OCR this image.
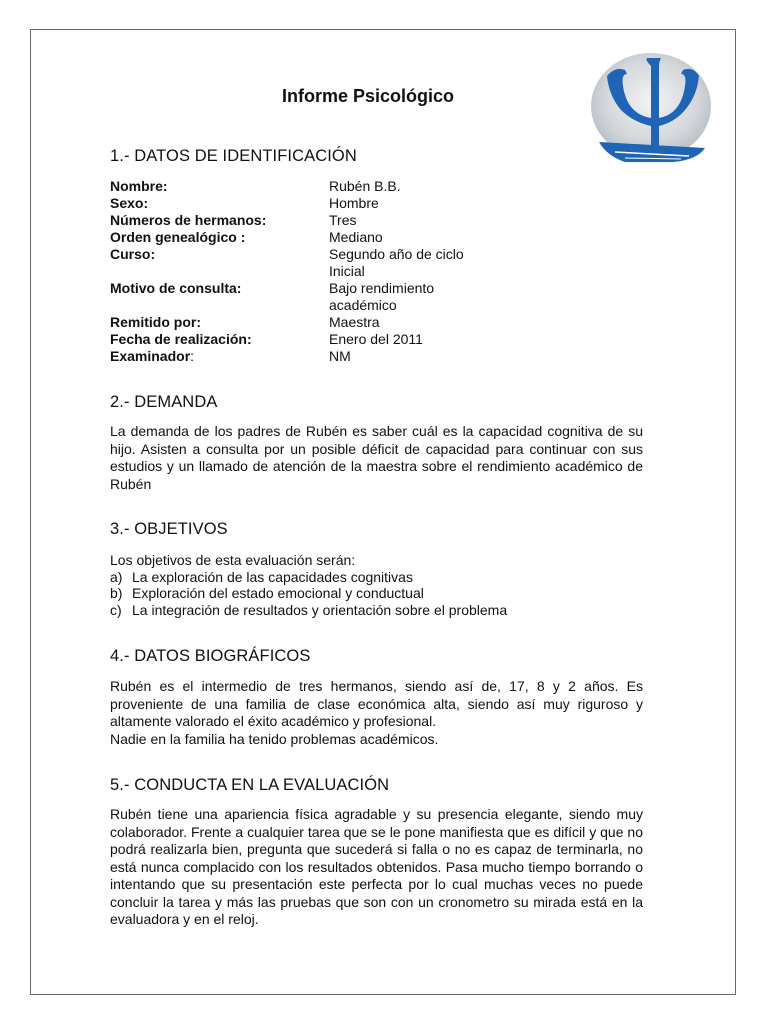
Informe Psicológico
1.- DATOS DE IDENTIFICACIÓN
Nombre:	Rubén B.B.
Sexo:	Hombre
Números de hermanos:	Tres
Orden genealógico :	Mediano
Curso:	Segundo año de ciclo Inicial
Motivo de consulta:	Bajo rendimiento académico
Remitido por:	Maestra
Fecha de realización:	Enero del 2011
Examinador:	NM
2.- DEMANDA

La demanda de los padres de Rubén es saber cuál es la capacidad cognitiva de su hijo. Asisten a consulta por un posible déficit de capacidad para continuar con sus estudios y un llamado de atención de la maestra sobre el rendimiento académico de Rubén

3.- OBJETIVOS
Los objetivos de esta evaluación serán:
a) La exploración de las capacidades cognitivas
b) Exploración del estado emocional y conductual
c) La integración de resultados y orientación sobre el problema
4.- DATOS BIOGRÁFICOS

Rubén es el intermedio de tres hermanos, siendo así de, 17, 8 y 2 años. Es proveniente de una familia de clase económica alta, siendo así muy riguroso y altamente valorado el éxito académico y profesional.

Nadie en la familia ha tenido problemas académicos.

5.- CONDUCTA EN LA EVALUACIÓN

Rubén tiene una apariencia física agradable y su presencia elegante, siendo muy colaborador. Frente a cualquier tarea que se le pone manifiesta que es difícil y que no podrá realizarla bien, pregunta que sucederá si falla o no es capaz de terminarla, no está nunca complacido con los resultados obtenidos. Pasa mucho tiempo borrando o intentando que su presentación este perfecta por lo cual muchas veces no puede concluir la tarea y más las pruebas que son con un cronometro su mirada está en la evaluadora y en el reloj.
